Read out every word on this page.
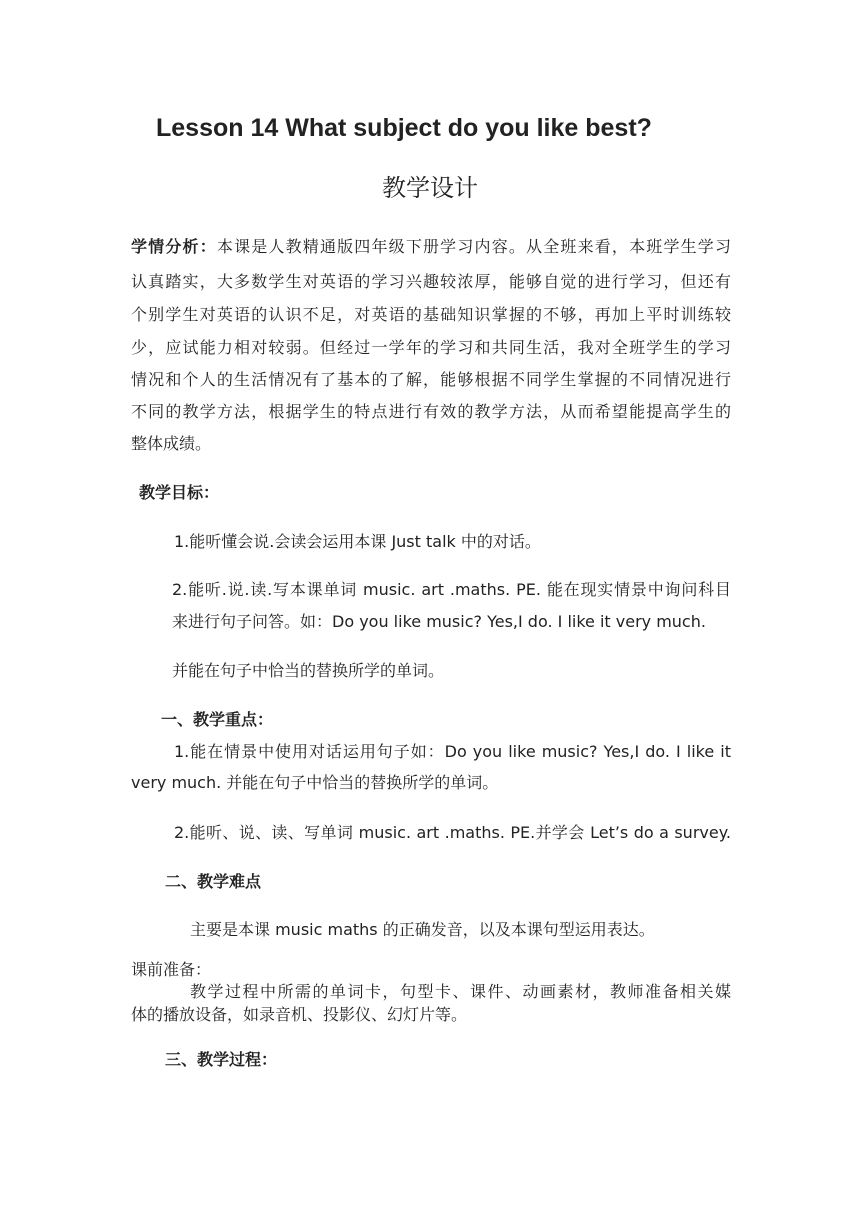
Lesson 14 What subject do you like best?
教学设计
学情分析：本课是人教精通版四年级下册学习内容。从全班来看，本班学生学习
认真踏实，大多数学生对英语的学习兴趣较浓厚，能够自觉的进行学习，但还有
个别学生对英语的认识不足，对英语的基础知识掌握的不够，再加上平时训练较
少，应试能力相对较弱。但经过一学年的学习和共同生活，我对全班学生的学习
情况和个人的生活情况有了基本的了解，能够根据不同学生掌握的不同情况进行
不同的教学方法，根据学生的特点进行有效的教学方法，从而希望能提高学生的
整体成绩。
教学目标：
1.能听懂会说.会读会运用本课 Just talk 中的对话。
2.能听.说.读.写本课单词 music. art .maths. PE. 能在现实情景中询问科目
来进行句子问答。如：Do you like music? Yes,I do. I like it very much.
并能在句子中恰当的替换所学的单词。
一、教学重点：
1.能在情景中使用对话运用句子如：Do you like music? Yes,I do. I like it
very much. 并能在句子中恰当的替换所学的单词。
2.能听、说、读、写单词 music. art .maths. PE.并学会 Let’s do a survey.
二、教学难点
主要是本课 music maths 的正确发音，以及本课句型运用表达。
课前准备：
教学过程中所需的单词卡，句型卡、课件、动画素材，教师准备相关媒
体的播放设备，如录音机、投影仪、幻灯片等。
三、教学过程：
